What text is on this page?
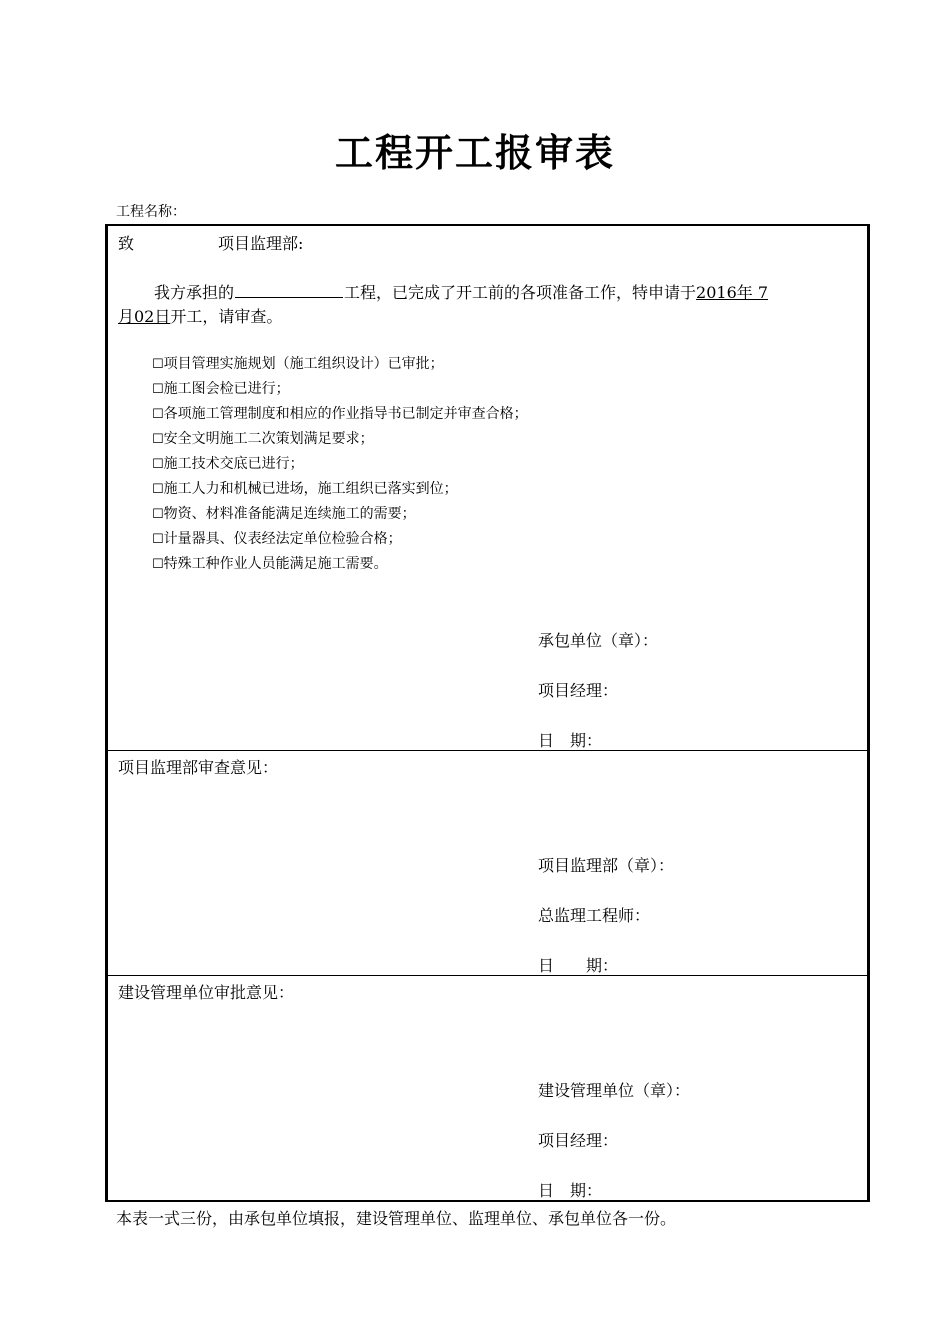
工程开工报审表
工程名称：
致	项目监理部:
我方承担的	工程，已完成了开工前的各项准备工作，特申请于2016年 7
月02日开工，请审查。
☐项目管理实施规划（施工组织设计）已审批；
☐施工图会检已进行；
☐各项施工管理制度和相应的作业指导书已制定并审查合格；
☐安全文明施工二次策划满足要求；
☐施工技术交底已进行；
☐施工人力和机械已进场，施工组织已落实到位；
☐物资、材料准备能满足连续施工的需要；
☐计量器具、仪表经法定单位检验合格；
☐特殊工种作业人员能满足施工需要。
承包单位（章）：
项目经理：
日　期：
项目监理部审查意见：
项目监理部（章）：
总监理工程师：
日　　期：
建设管理单位审批意见：
建设管理单位（章）：
项目经理：
日　期：
本表一式三份，由承包单位填报，建设管理单位、监理单位、承包单位各一份。
